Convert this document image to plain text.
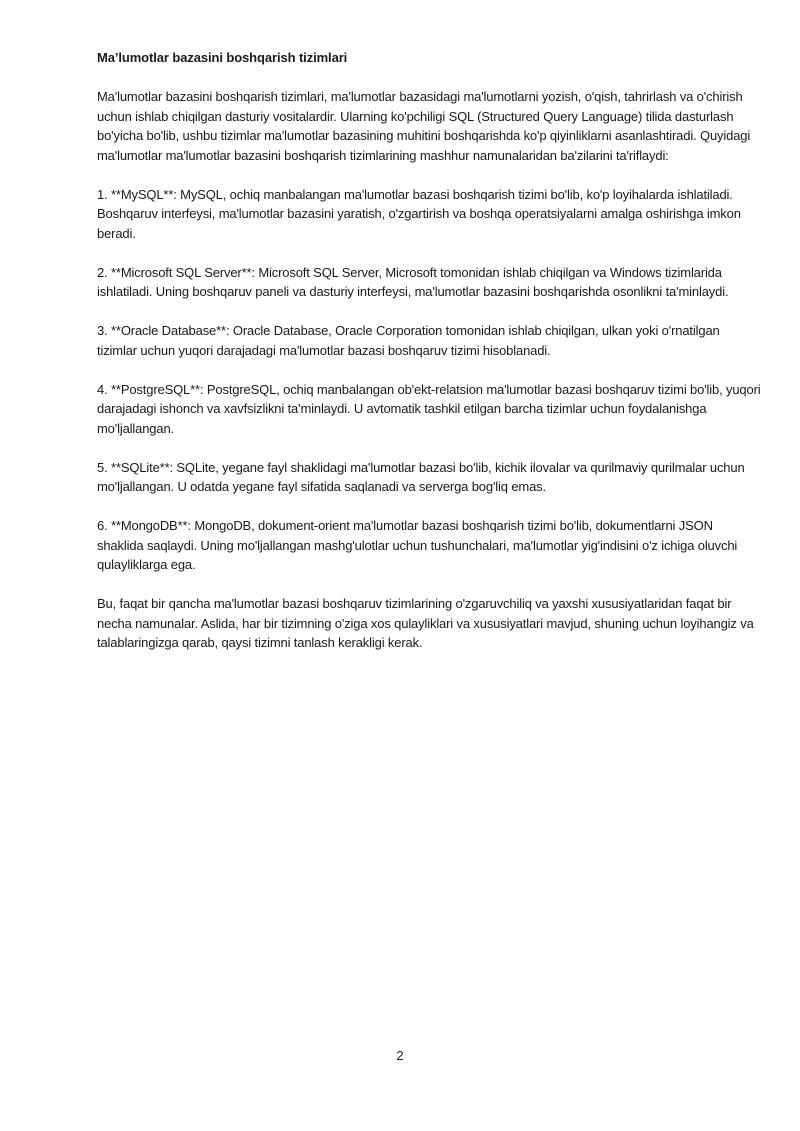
Ma’lumotlar bazasini boshqarish tizimlari

Ma'lumotlar bazasini boshqarish tizimlari, ma'lumotlar bazasidagi ma'lumotlarni yozish, o'qish, tahrirlash va o'chirish uchun ishlab chiqilgan dasturiy vositalardir. Ularning ko'pchiligi SQL (Structured Query Language) tilida dasturlash bo'yicha bo'lib, ushbu tizimlar ma'lumotlar bazasining muhitini boshqarishda ko'p qiyinliklarni asanlashtiradi. Quyidagi ma'lumotlar ma'lumotlar bazasini boshqarish tizimlarining mashhur namunalaridan ba'zilarini ta'riflaydi:

1. **MySQL**: MySQL, ochiq manbalangan ma'lumotlar bazasi boshqarish tizimi bo'lib, ko'p loyihalarda ishlatiladi. Boshqaruv interfeysi, ma'lumotlar bazasini yaratish, o'zgartirish va boshqa operatsiyalarni amalga oshirishga imkon beradi.

2. **Microsoft SQL Server**: Microsoft SQL Server, Microsoft tomonidan ishlab chiqilgan va Windows tizimlarida ishlatiladi. Uning boshqaruv paneli va dasturiy interfeysi, ma'lumotlar bazasini boshqarishda osonlikni ta'minlaydi.

3. **Oracle Database**: Oracle Database, Oracle Corporation tomonidan ishlab chiqilgan, ulkan yoki o'rnatilgan tizimlar uchun yuqori darajadagi ma'lumotlar bazasi boshqaruv tizimi hisoblanadi.

4. **PostgreSQL**: PostgreSQL, ochiq manbalangan ob'ekt-relatsion ma'lumotlar bazasi boshqaruv tizimi bo'lib, yuqori darajadagi ishonch va xavfsizlikni ta'minlaydi. U avtomatik tashkil etilgan barcha tizimlar uchun foydalanishga mo'ljallangan.

5. **SQLite**: SQLite, yegane fayl shaklidagi ma'lumotlar bazasi bo'lib, kichik ilovalar va qurilmaviy qurilmalar uchun mo'ljallangan. U odatda yegane fayl sifatida saqlanadi va serverga bog'liq emas.

6. **MongoDB**: MongoDB, dokument-orient ma'lumotlar bazasi boshqarish tizimi bo'lib, dokumentlarni JSON shaklida saqlaydi. Uning mo'ljallangan mashg'ulotlar uchun tushunchalari, ma'lumotlar yig'indisini o'z ichiga oluvchi qulayliklarga ega.

Bu, faqat bir qancha ma'lumotlar bazasi boshqaruv tizimlarining o'zgaruvchiliq va yaxshi xususiyatlaridan faqat bir necha namunalar. Aslida, har bir tizimning o'ziga xos qulayliklari va xususiyatlari mavjud, shuning uchun loyihangiz va talablaringizga qarab, qaysi tizimni tanlash kerakligi kerak.

2
